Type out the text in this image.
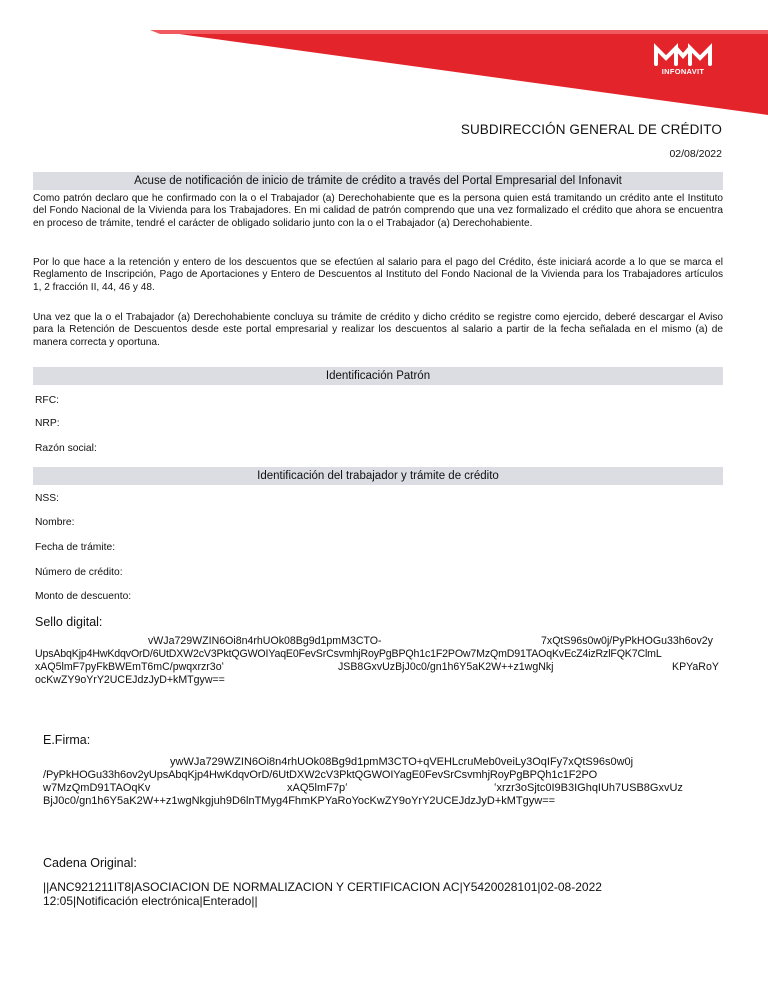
INFONAVIT
SUBDIRECCIÓN GENERAL DE CRÉDITO
02/08/2022
Acuse de notificación de inicio de trámite de crédito a través del Portal Empresarial del Infonavit
Como patrón declaro que he confirmado con la o el Trabajador (a) Derechohabiente que es la persona quien está tramitando un crédito ante el Instituto del Fondo Nacional de la Vivienda para los Trabajadores. En mi calidad de patrón comprendo que una vez formalizado el crédito que ahora se encuentra en proceso de trámite, tendré el carácter de obligado solidario junto con la o el Trabajador (a) Derechohabiente.
Por lo que hace a la retención y entero de los descuentos que se efectúen al salario para el pago del Crédito, éste iniciará acorde a lo que se marca el Reglamento de Inscripción, Pago de Aportaciones y Entero de Descuentos al Instituto del Fondo Nacional de la Vivienda para los Trabajadores artículos 1, 2 fracción II, 44, 46 y 48.
Una vez que la o el Trabajador (a) Derechohabiente concluya su trámite de crédito y dicho crédito se registre como ejercido, deberé descargar el Aviso para la Retención de Descuentos desde este portal empresarial y realizar los descuentos al salario a partir de la fecha señalada en el mismo (a) de manera correcta y oportuna.
Identificación Patrón
RFC:
NRP:
Razón social:
Identificación del trabajador y trámite de crédito
NSS:
Nombre:
Fecha de trámite:
Número de crédito:
Monto de descuento:
Sello digital:
vWJa729WZIN6Oi8n4rhUOk08Bg9d1pmM3CTO-	7xQtS96s0w0j/PyPkHOGu33h6ov2y
UpsAbqKjp4HwKdqvOrD/6UtDXW2cV3PktQGWOIYaqE0FevSrCsvmhjRoyPgBPQh1c1F2POw7MzQmD91TAOqKvEcZ4izRzlFQK7ClmL
xAQ5lmF7pyFkBWEmT6mC/pwqxrzr3oʻ	JSB8GxvUzBjJ0c0/gn1h6Y5aK2W++z1wgNkj	KPYaRoY
ocKwZY9oYrY2UCEJdzJyD+kMTgyw==
E.Firma:
ywWJa729WZIN6Oi8n4rhUOk08Bg9d1pmM3CTO+qVEHLcruMeb0veiLy3OqIFy7xQtS96s0w0j
/PyPkHOGu33h6ov2yUpsAbqKjp4HwKdqvOrD/6UtDXW2cV3PktQGWOIYagE0FevSrCsvmhjRoyPgBPQh1c1F2PO
w7MzQmD91TAOqKv	xAQ5lmF7pʻ	ʻxrzr3oSjtc0I9B3IGhqIUh7USB8GxvUz
BjJ0c0/gn1h6Y5aK2W++z1wgNkgjuh9D6lnTMyg4FhmKPYaRoYocKwZY9oYrY2UCEJdzJyD+kMTgyw==
Cadena Original:
||ANC921211IT8|ASOCIACION DE NORMALIZACION Y CERTIFICACION AC|Y5420028101|02-08-2022
12:05|Notificación electrónica|Enterado||
